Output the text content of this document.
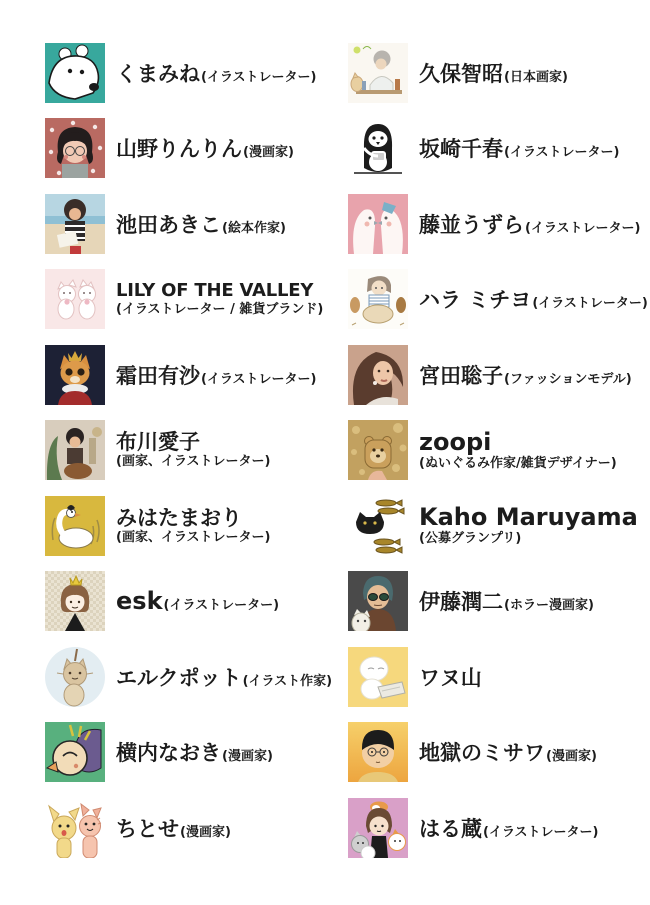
くまみね(イラストレーター)
山野りんりん(漫画家)
池田あきこ(絵本作家)
LILY OF THE VALLEY
(イラストレーター / 雑貨ブランド)
霜田有沙(イラストレーター)
布川愛子
(画家、イラストレーター)
みはたまおり
(画家、イラストレーター)
esk(イラストレーター)
エルクポット(イラスト作家)
横内なおき(漫画家)
ちとせ(漫画家)
久保智昭(日本画家)
坂崎千春(イラストレーター)
藤並うずら(イラストレーター)
ハラ ミチヨ(イラストレーター)
宮田聡子(ファッションモデル)
zoopi
(ぬいぐるみ作家/雑貨デザイナー)
Kaho Maruyama
(公募グランプリ)
伊藤潤二(ホラー漫画家)
ワヌ山
地獄のミサワ(漫画家)
はる蔵(イラストレーター)
